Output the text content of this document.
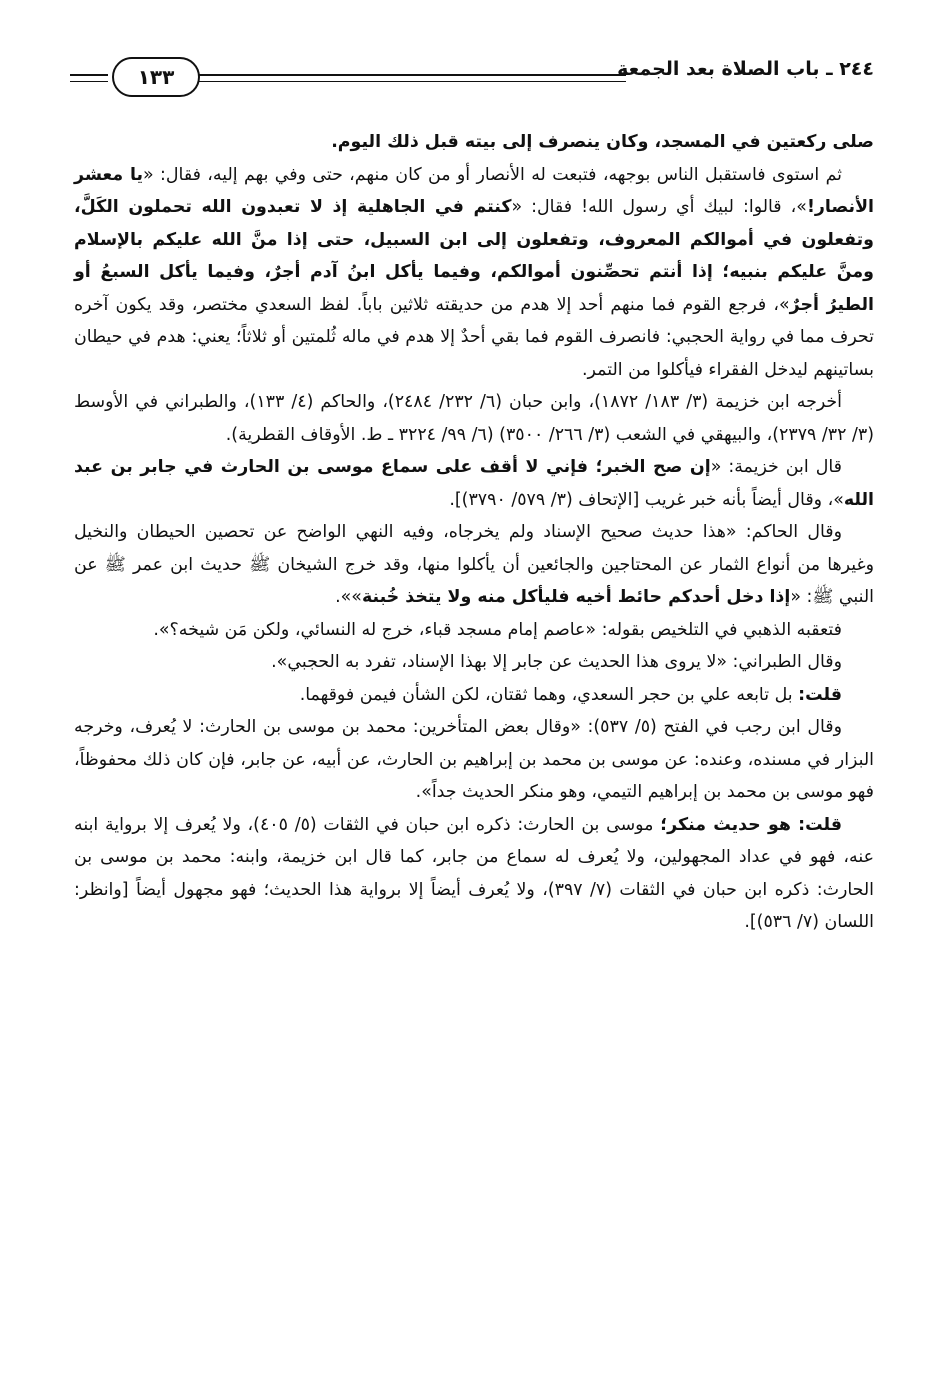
١٣٣	٢٤٤ ـ باب الصلاة بعد الجمعة

صلى ركعتين في المسجد، وكان ينصرف إلى بيته قبل ذلك اليوم.

ثم استوى فاستقبل الناس بوجهه، فتبعت له الأنصار أو من كان منهم، حتى وفي بهم إليه، فقال: «يا معشر الأنصار!»، قالوا: لبيك أي رسول الله! فقال: «كنتم في الجاهلية إذ لا تعبدون الله تحملون الكَلَّ، وتفعلون في أموالكم المعروف، وتفعلون إلى ابن السبيل، حتى إذا منَّ الله عليكم بالإسلام ومنَّ عليكم بنبيه؛ إذا أنتم تحصِّنون أموالكم، وفيما يأكل ابنُ آدم أجرٌ، وفيما يأكل السبعُ أو الطيرُ أجرٌ»، فرجع القوم فما منهم أحد إلا هدم من حديقته ثلاثين باباً. لفظ السعدي مختصر، وقد يكون آخره تحرف مما في رواية الحجبي: فانصرف القوم فما بقي أحدٌ إلا هدم في ماله ثُلمتين أو ثلاثاً؛ يعني: هدم في حيطان بساتينهم ليدخل الفقراء فيأكلوا من التمر.

أخرجه ابن خزيمة (٣/ ١٨٣/ ١٨٧٢)، وابن حبان (٦/ ٢٣٢/ ٢٤٨٤)، والحاكم (٤/ ١٣٣)، والطبراني في الأوسط (٣/ ٣٢/ ٢٣٧٩)، والبيهقي في الشعب (٣/ ٢٦٦/ ٣٥٠٠) (٦/ ٩٩/ ٣٢٢٤ ـ ط. الأوقاف القطرية).

قال ابن خزيمة: «إن صح الخبر؛ فإني لا أقف على سماع موسى بن الحارث في جابر بن عبد الله»، وقال أيضاً بأنه خبر غريب [الإتحاف (٣/ ٥٧٩/ ٣٧٩٠)].

وقال الحاكم: «هذا حديث صحيح الإسناد ولم يخرجاه، وفيه النهي الواضح عن تحصين الحيطان والنخيل وغيرها من أنواع الثمار عن المحتاجين والجائعين أن يأكلوا منها، وقد خرج الشيخان ﷺ حديث ابن عمر ﷺ عن النبي ﷺ: «إذا دخل أحدكم حائط أخيه فليأكل منه ولا يتخذ خُبنة»».

فتعقبه الذهبي في التلخيص بقوله: «عاصم إمام مسجد قباء، خرج له النسائي، ولكن مَن شيخه؟».

وقال الطبراني: «لا يروى هذا الحديث عن جابر إلا بهذا الإسناد، تفرد به الحجبي».

قلت: بل تابعه علي بن حجر السعدي، وهما ثقتان، لكن الشأن فيمن فوقهما.

وقال ابن رجب في الفتح (٥/ ٥٣٧): «وقال بعض المتأخرين: محمد بن موسى بن الحارث: لا يُعرف، وخرجه البزار في مسنده، وعنده: عن موسى بن محمد بن إبراهيم بن الحارث، عن أبيه، عن جابر، فإن كان ذلك محفوظاً، فهو موسى بن محمد بن إبراهيم التيمي، وهو منكر الحديث جداً».

قلت: هو حديث منكر؛ موسى بن الحارث: ذكره ابن حبان في الثقات (٥/ ٤٠٥)، ولا يُعرف إلا برواية ابنه عنه، فهو في عداد المجهولين، ولا يُعرف له سماع من جابر، كما قال ابن خزيمة، وابنه: محمد بن موسى بن الحارث: ذكره ابن حبان في الثقات (٧/ ٣٩٧)، ولا يُعرف أيضاً إلا برواية هذا الحديث؛ فهو مجهول أيضاً [وانظر: اللسان (٧/ ٥٣٦)].
